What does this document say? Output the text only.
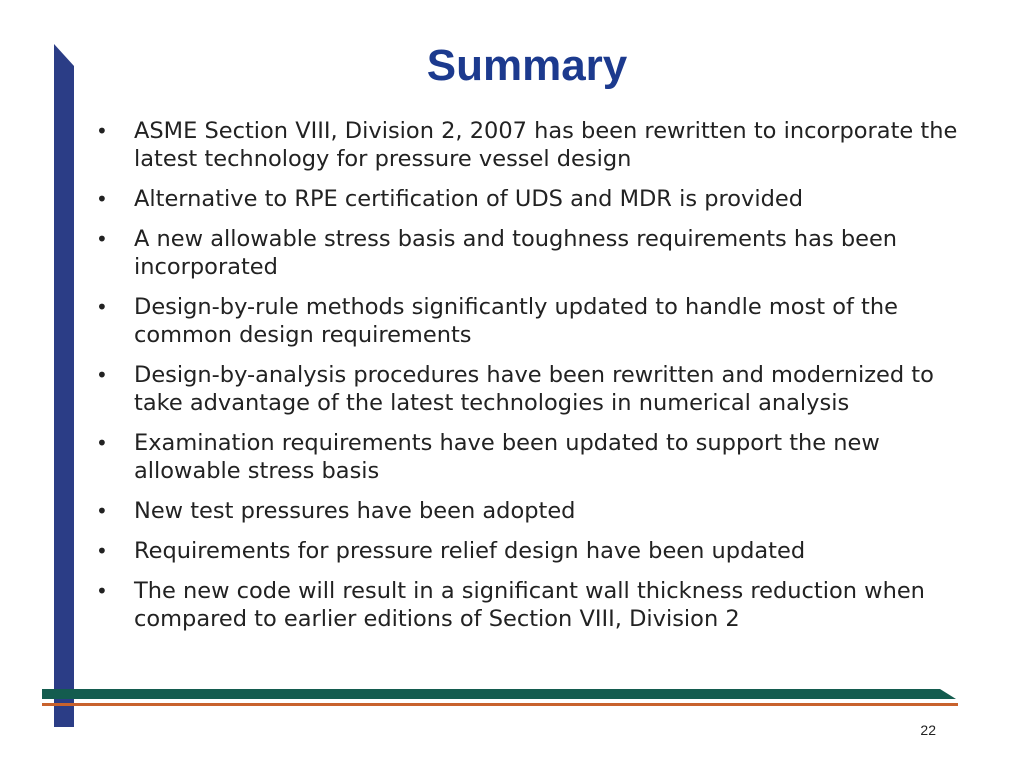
Summary
•	ASME Section VIII, Division 2, 2007 has been rewritten to incorporate the latest technology for pressure vessel design
•	Alternative to RPE certification of UDS and MDR is provided
•	A new allowable stress basis and toughness requirements has been incorporated
•	Design-by-rule methods significantly updated to handle most of the common design requirements
•	Design-by-analysis procedures have been rewritten and modernized to take advantage of the latest technologies in numerical analysis
•	Examination requirements have been updated to support the new allowable stress basis
•	New test pressures have been adopted
•	Requirements for pressure relief design have been updated
•	The new code will result in a significant wall thickness reduction when compared to earlier editions of Section VIII, Division 2
22
